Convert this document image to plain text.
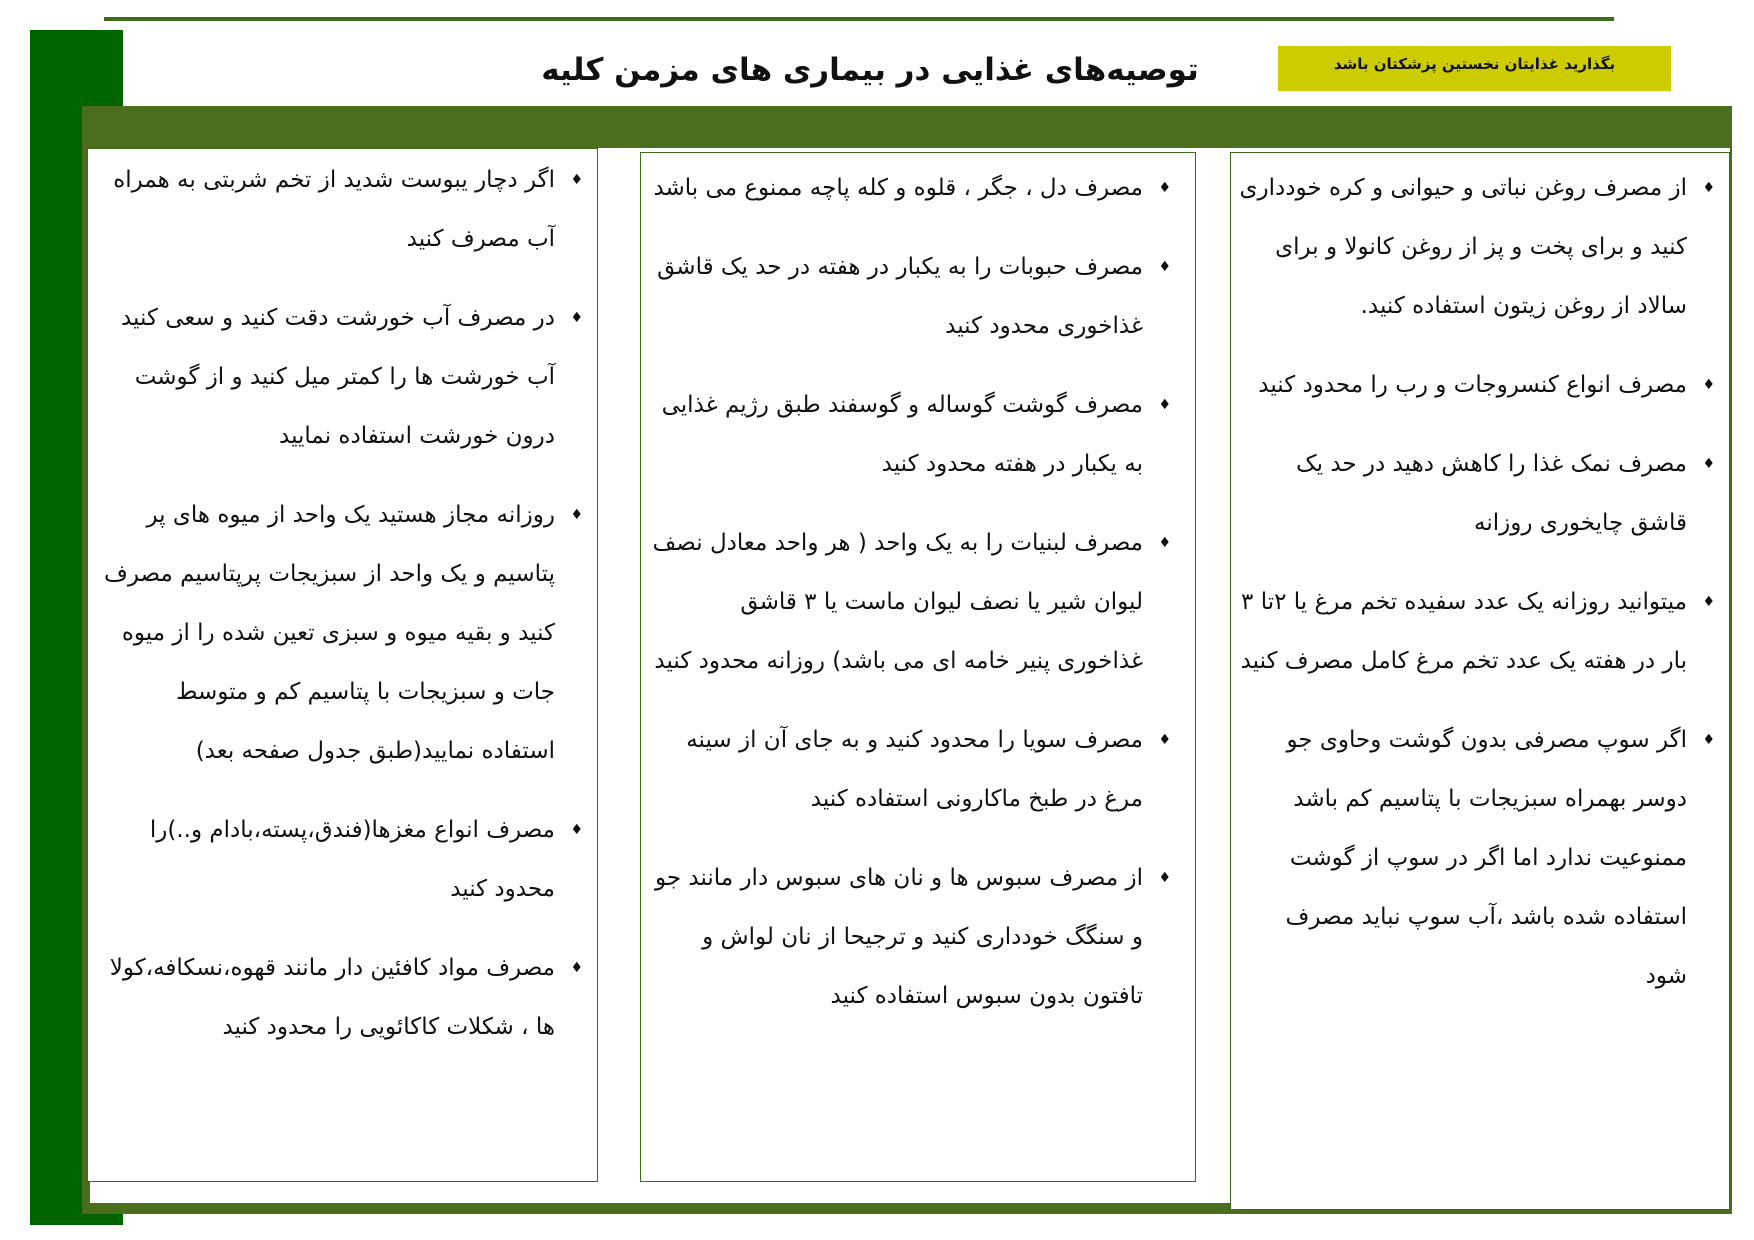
توصیه‌های غذایی در بیماری های مزمن کلیه	بگذارید غذایتان نخستین پزشکتان باشد
♦ از مصرف روغن نباتی و حیوانی و کره خودداری کنید و برای پخت و پز از روغن کانولا و برای سالاد از روغن زیتون استفاده کنید.
♦ مصرف انواع کنسروجات و رب را محدود کنید
♦ مصرف نمک غذا را کاهش دهید در حد یک قاشق چایخوری روزانه
♦ میتوانید روزانه یک عدد سفیده تخم مرغ یا ۲تا ۳ بار در هفته یک عدد تخم مرغ کامل مصرف کنید
♦ اگر سوپ مصرفی بدون گوشت وحاوی جو دوسر بهمراه سبزیجات با پتاسیم کم باشد ممنوعیت ندارد اما اگر در سوپ از گوشت استفاده شده باشد ،آب سوپ نباید مصرف شود
♦ مصرف دل ، جگر ، قلوه و کله پاچه ممنوع می باشد
♦ مصرف حبوبات را به یکبار در هفته در حد یک قاشق غذاخوری محدود کنید
♦ مصرف گوشت گوساله و گوسفند طبق رژیم غذایی به یکبار در هفته محدود کنید
♦ مصرف لبنیات را به یک واحد ( هر واحد معادل نصف لیوان شیر یا نصف لیوان ماست یا ۳ قاشق غذاخوری پنیر خامه ای می باشد) روزانه محدود کنید
♦ مصرف سویا را محدود کنید و به جای آن از سینه مرغ در طبخ ماکارونی استفاده کنید
♦ از مصرف سبوس ها و نان های سبوس دار مانند جو و سنگگ خودداری کنید و ترجیحا از نان لواش و تافتون بدون سبوس استفاده کنید
♦ اگر دچار یبوست شدید از تخم شربتی به همراه آب مصرف کنید
♦ در مصرف آب خورشت دقت کنید و سعی کنید آب خورشت ها را کمتر میل کنید و از گوشت درون خورشت استفاده نمایید
♦ روزانه مجاز هستید یک واحد از میوه های پر پتاسیم و یک واحد از سبزیجات پرپتاسیم مصرف کنید و بقیه میوه و سبزی تعین شده را از میوه جات و سبزیجات با پتاسیم کم و متوسط استفاده نمایید(طبق جدول صفحه بعد)
♦ مصرف انواع مغزها(فندق،پسته،بادام و..)را محدود کنید
♦ مصرف مواد کافئین دار مانند قهوه،نسکافه،کولا ها ، شکلات کاکائویی را محدود کنید
